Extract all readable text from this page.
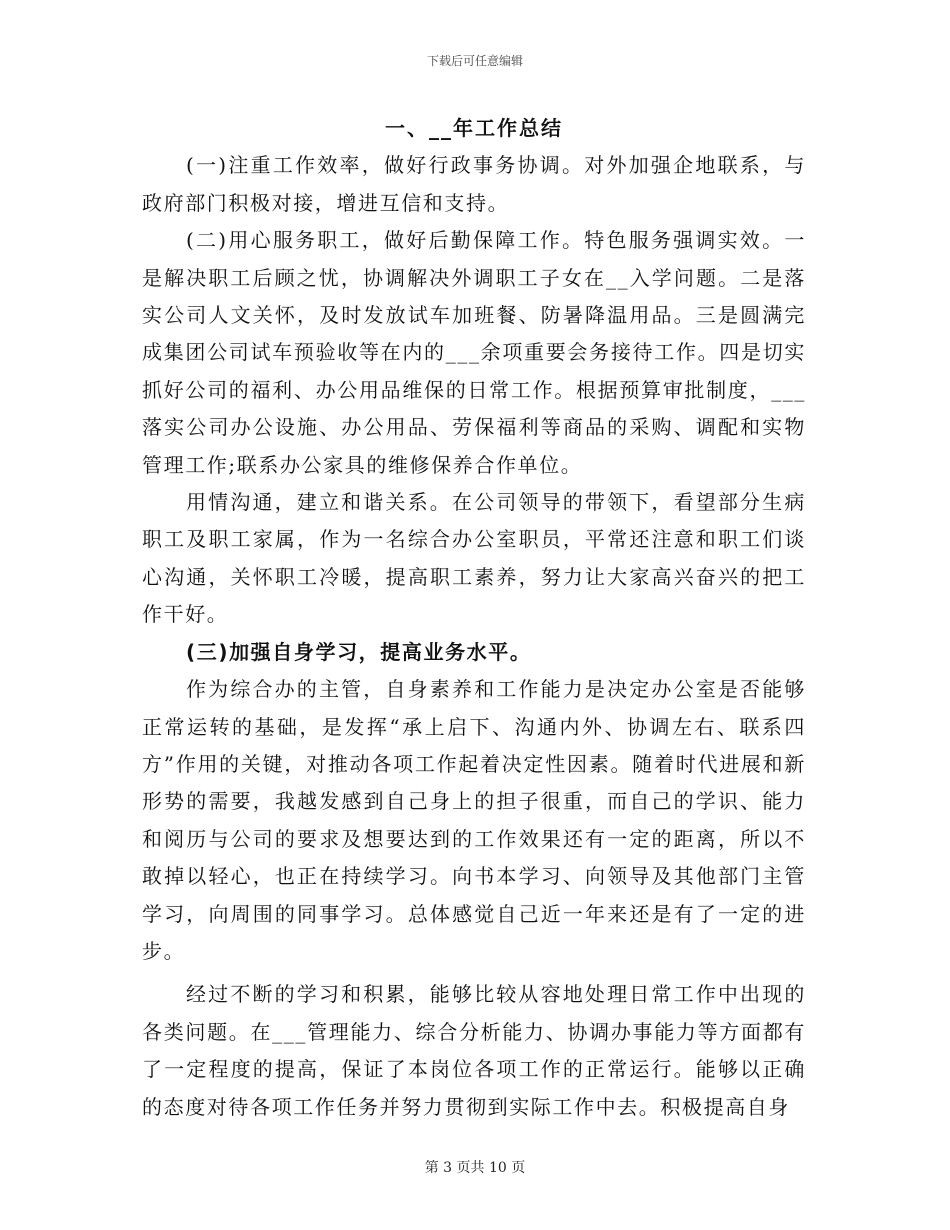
下载后可任意编辑

一、__年工作总结

(一)注重工作效率，做好行政事务协调。对外加强企地联系，与政府部门积极对接，增进互信和支持。

(二)用心服务职工，做好后勤保障工作。特色服务强调实效。一是解决职工后顾之忧，协调解决外调职工子女在__入学问题。二是落实公司人文关怀，及时发放试车加班餐、防暑降温用品。三是圆满完成集团公司试车预验收等在内的___余项重要会务接待工作。四是切实抓好公司的福利、办公用品维保的日常工作。根据预算审批制度，___落实公司办公设施、办公用品、劳保福利等商品的采购、调配和实物管理工作;联系办公家具的维修保养合作单位。

用情沟通，建立和谐关系。在公司领导的带领下，看望部分生病职工及职工家属，作为一名综合办公室职员，平常还注意和职工们谈心沟通，关怀职工冷暖，提高职工素养，努力让大家高兴奋兴的把工作干好。

(三)加强自身学习，提高业务水平。

作为综合办的主管，自身素养和工作能力是决定办公室是否能够正常运转的基础，是发挥“承上启下、沟通内外、协调左右、联系四方”作用的关键，对推动各项工作起着决定性因素。随着时代进展和新形势的需要，我越发感到自己身上的担子很重，而自己的学识、能力和阅历与公司的要求及想要达到的工作效果还有一定的距离，所以不敢掉以轻心，也正在持续学习。向书本学习、向领导及其他部门主管学习，向周围的同事学习。总体感觉自己近一年来还是有了一定的进步。

经过不断的学习和积累，能够比较从容地处理日常工作中出现的各类问题。在___管理能力、综合分析能力、协调办事能力等方面都有了一定程度的提高，保证了本岗位各项工作的正常运行。能够以正确的态度对待各项工作任务并努力贯彻到实际工作中去。积极提高自身

第 3 页共 10 页
